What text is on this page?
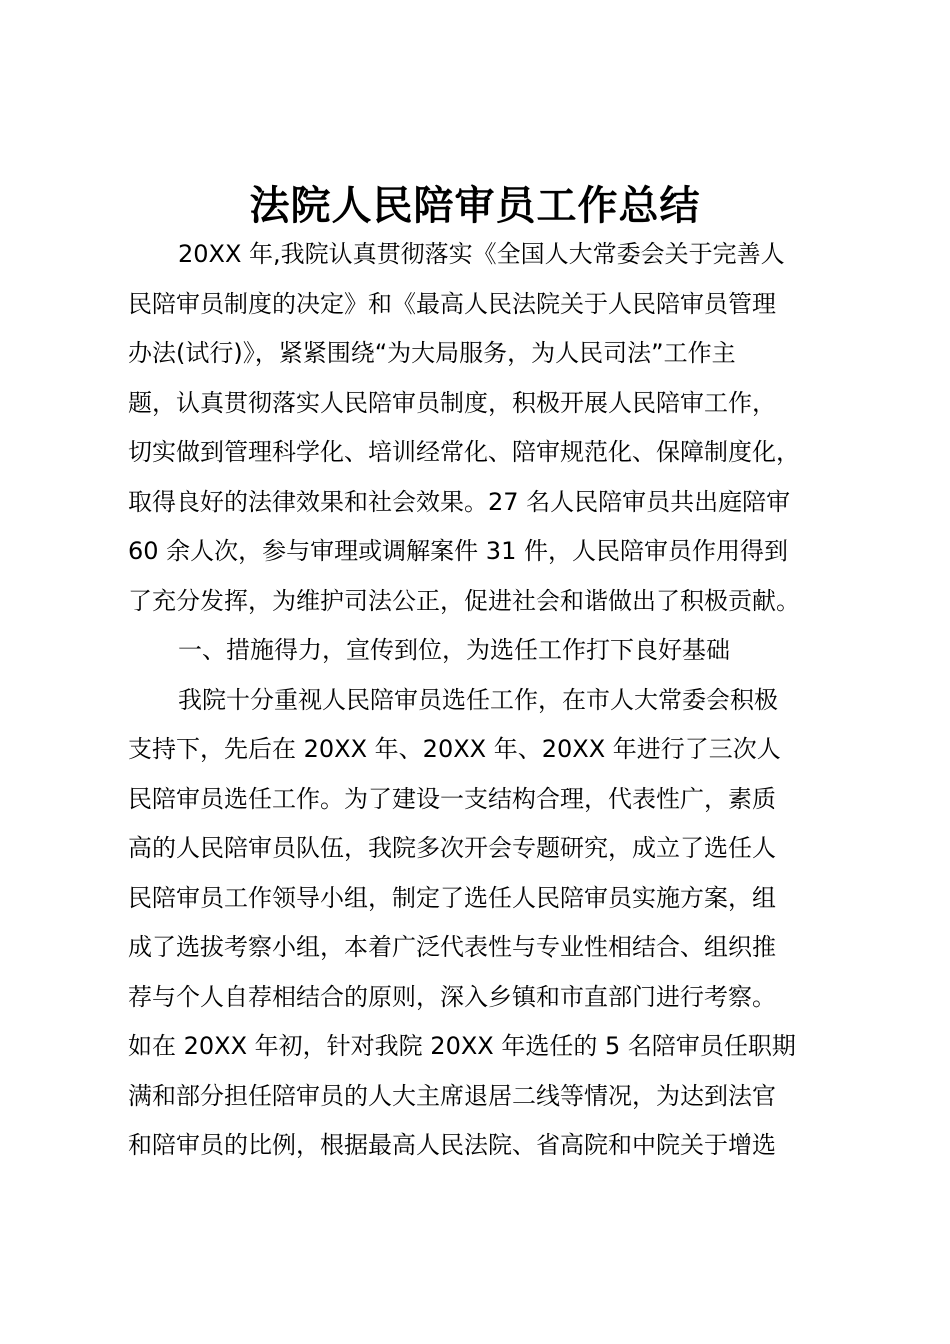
法院人民陪审员工作总结
20XX 年,我院认真贯彻落实《全国人大常委会关于完善人
民陪审员制度的决定》和《最高人民法院关于人民陪审员管理
办法(试行)》，紧紧围绕“为大局服务，为人民司法”工作主
题，认真贯彻落实人民陪审员制度，积极开展人民陪审工作，
切实做到管理科学化、培训经常化、陪审规范化、保障制度化，
取得良好的法律效果和社会效果。27 名人民陪审员共出庭陪审
60 余人次，参与审理或调解案件 31 件，人民陪审员作用得到
了充分发挥，为维护司法公正，促进社会和谐做出了积极贡献。
一、措施得力，宣传到位，为选任工作打下良好基础
我院十分重视人民陪审员选任工作，在市人大常委会积极
支持下，先后在 20XX 年、20XX 年、20XX 年进行了三次人
民陪审员选任工作。为了建设一支结构合理，代表性广，素质
高的人民陪审员队伍，我院多次开会专题研究，成立了选任人
民陪审员工作领导小组，制定了选任人民陪审员实施方案，组
成了选拔考察小组，本着广泛代表性与专业性相结合、组织推
荐与个人自荐相结合的原则，深入乡镇和市直部门进行考察。
如在 20XX 年初，针对我院 20XX 年选任的 5 名陪审员任职期
满和部分担任陪审员的人大主席退居二线等情况，为达到法官
和陪审员的比例，根据最高人民法院、省高院和中院关于增选
